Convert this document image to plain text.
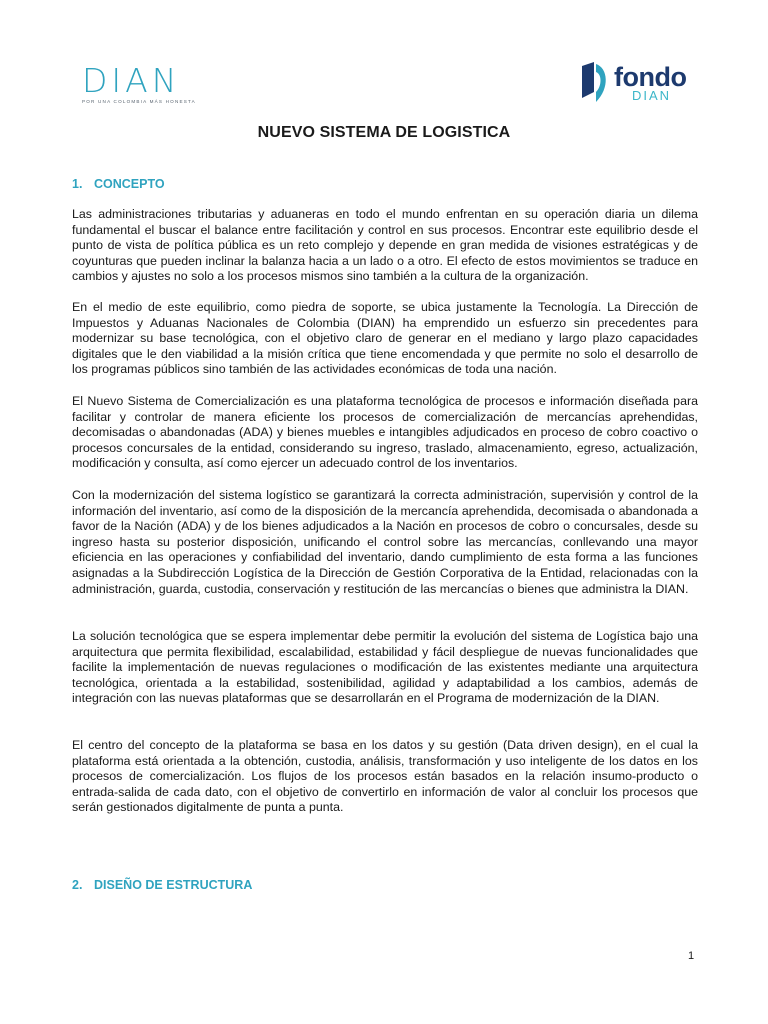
DIAN
POR UNA COLOMBIA MÁS HONESTA
fondo
DIAN
NUEVO SISTEMA DE LOGISTICA
1. CONCEPTO

Las administraciones tributarias y aduaneras en todo el mundo enfrentan en su operación diaria un dilema fundamental el buscar el balance entre facilitación y control en sus procesos. Encontrar este equilibrio desde el punto de vista de política pública es un reto complejo y depende en gran medida de visiones estratégicas y de coyunturas que pueden inclinar la balanza hacia a un lado o a otro. El efecto de estos movimientos se traduce en cambios y ajustes no solo a los procesos mismos sino también a la cultura de la organización.

En el medio de este equilibrio, como piedra de soporte, se ubica justamente la Tecnología. La Dirección de Impuestos y Aduanas Nacionales de Colombia (DIAN) ha emprendido un esfuerzo sin precedentes para modernizar su base tecnológica, con el objetivo claro de generar en el mediano y largo plazo capacidades digitales que le den viabilidad a la misión crítica que tiene encomendada y que permite no solo el desarrollo de los programas públicos sino también de las actividades económicas de toda una nación.

El Nuevo Sistema de Comercialización es una plataforma tecnológica de procesos e información diseñada para facilitar y controlar de manera eficiente los procesos de comercialización de mercancías aprehendidas, decomisadas o abandonadas (ADA) y bienes muebles e intangibles adjudicados en proceso de cobro coactivo o procesos concursales de la entidad, considerando su ingreso, traslado, almacenamiento, egreso, actualización, modificación y consulta, así como ejercer un adecuado control de los inventarios.

Con la modernización del sistema logístico se garantizará la correcta administración, supervisión y control de la información del inventario, así como de la disposición de la mercancía aprehendida, decomisada o abandonada a favor de la Nación (ADA) y de los bienes adjudicados a la Nación en procesos de cobro o concursales, desde su ingreso hasta su posterior disposición, unificando el control sobre las mercancías, conllevando una mayor eficiencia en las operaciones y confiabilidad del inventario, dando cumplimiento de esta forma a las funciones asignadas a la Subdirección Logística de la Dirección de Gestión Corporativa de la Entidad, relacionadas con la administración, guarda, custodia, conservación y restitución de las mercancías o bienes que administra la DIAN.

La solución tecnológica que se espera implementar debe permitir la evolución del sistema de Logística bajo una arquitectura que permita flexibilidad, escalabilidad, estabilidad y fácil despliegue de nuevas funcionalidades que facilite la implementación de nuevas regulaciones o modificación de las existentes mediante una arquitectura tecnológica, orientada a la estabilidad, sostenibilidad, agilidad y adaptabilidad a los cambios, además de integración con las nuevas plataformas que se desarrollarán en el Programa de modernización de la DIAN.

El centro del concepto de la plataforma se basa en los datos y su gestión (Data driven design), en el cual la plataforma está orientada a la obtención, custodia, análisis, transformación y uso inteligente de los datos en los procesos de comercialización. Los flujos de los procesos están basados en la relación insumo-producto o entrada-salida de cada dato, con el objetivo de convertirlo en información de valor al concluir los procesos que serán gestionados digitalmente de punta a punta.

2. DISEÑO DE ESTRUCTURA
1
